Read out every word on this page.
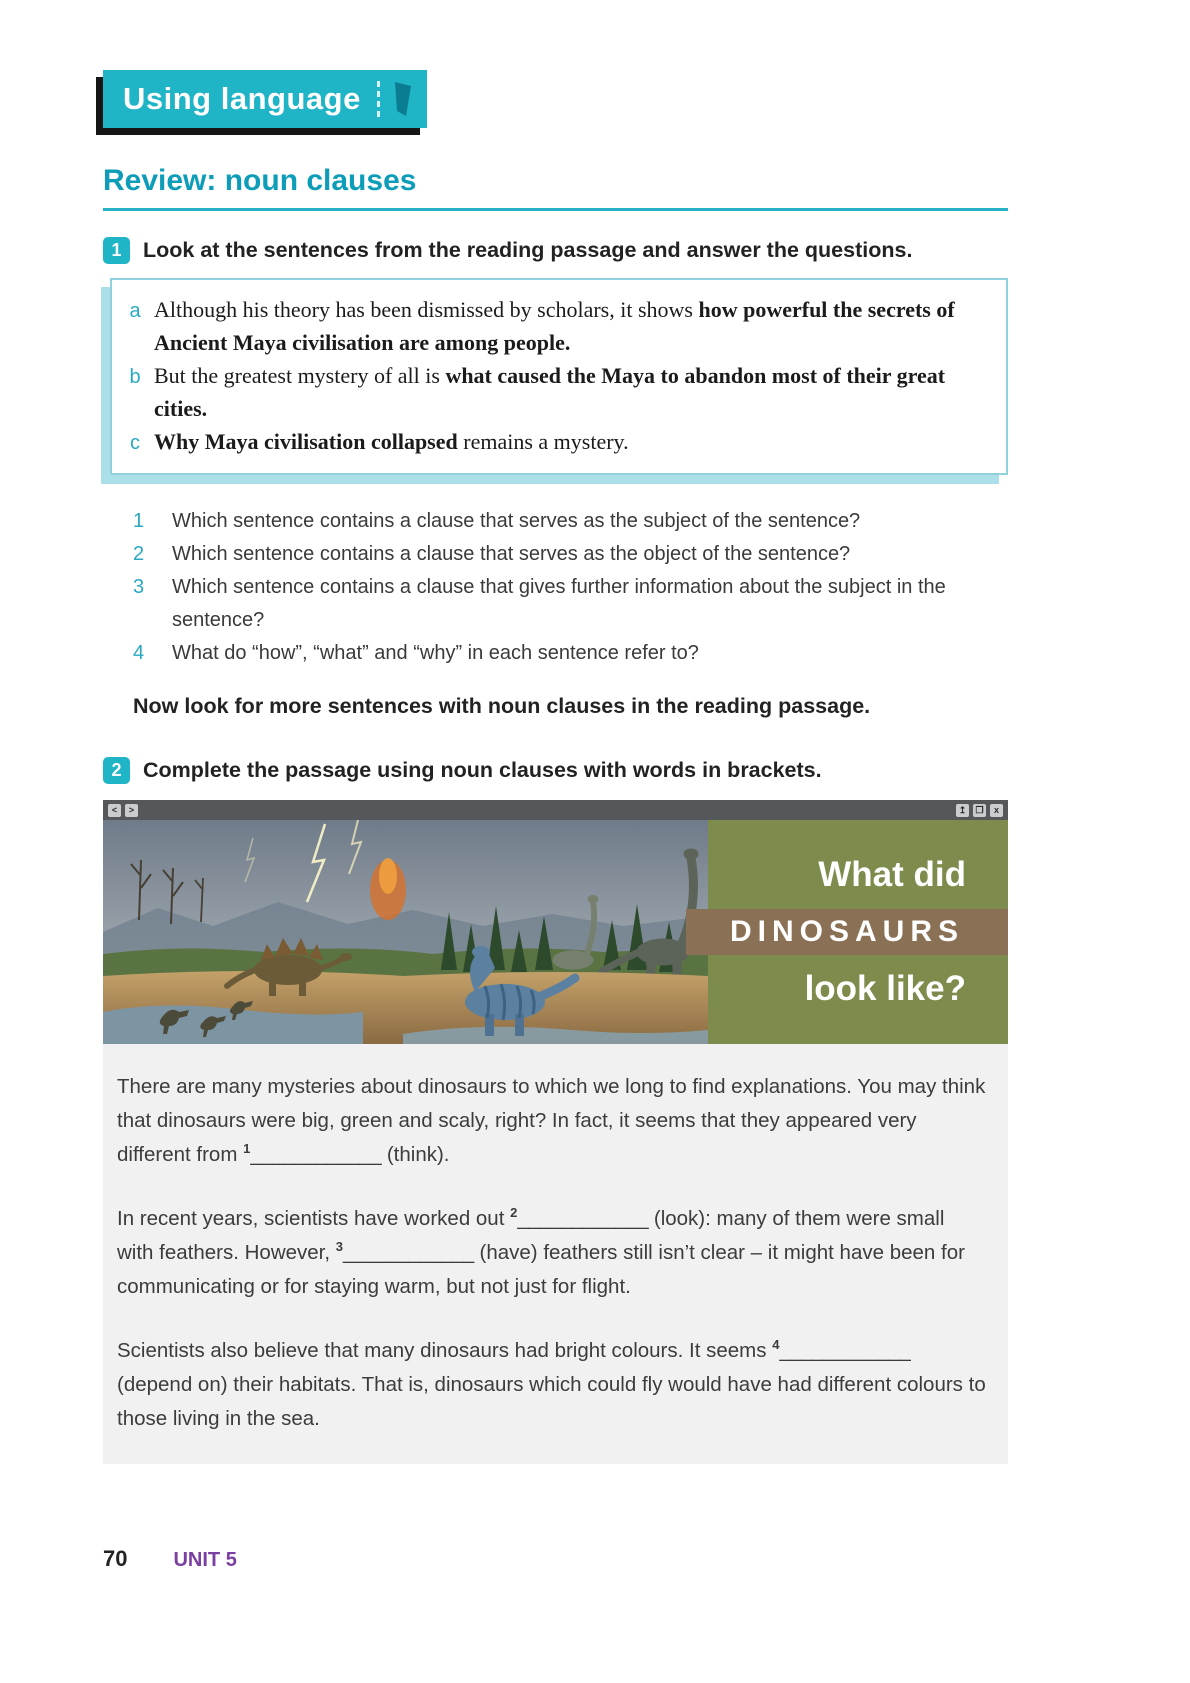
Using language
Review: noun clauses
1	Look at the sentences from the reading passage and answer the questions.
a Although his theory has been dismissed by scholars, it shows how powerful the secrets of Ancient Maya civilisation are among people.
b But the greatest mystery of all is what caused the Maya to abandon most of their great cities.
c Why Maya civilisation collapsed remains a mystery.
1 Which sentence contains a clause that serves as the subject of the sentence?
2 Which sentence contains a clause that serves as the object of the sentence?
3 Which sentence contains a clause that gives further information about the subject in the sentence?
4 What do “how”, “what” and “why” in each sentence refer to?
Now look for more sentences with noun clauses in the reading passage.
2	Complete the passage using noun clauses with words in brackets.
<	>	↥	❐	x
What did
DINOSAURS
look like?

There are many mysteries about dinosaurs to which we long to find explanations. You may think that dinosaurs were big, green and scaly, right? In fact, it seems that they appeared very different from $^1$____________ (think).

In recent years, scientists have worked out $^2$____________ (look): many of them were small with feathers. However, $^3$____________ (have) feathers still isn’t clear – it might have been for communicating or for staying warm, but not just for flight.

Scientists also believe that many dinosaurs had bright colours. It seems $^4$____________ (depend on) their habitats. That is, dinosaurs which could fly would have had different colours to those living in the sea.

70 UNIT 5
